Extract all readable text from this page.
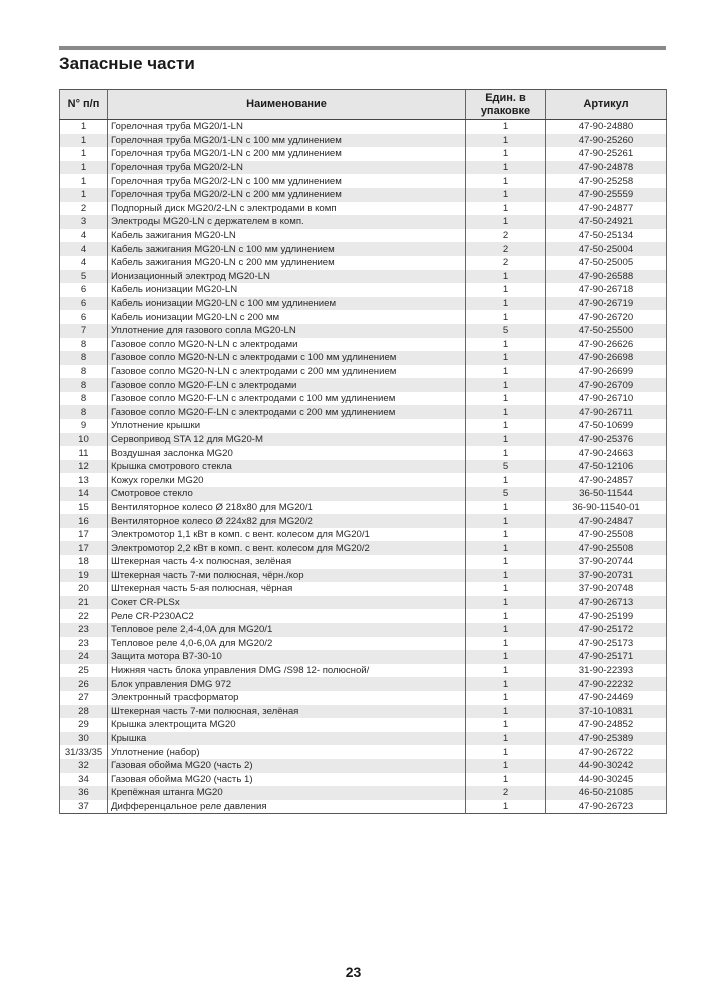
Запасные части
N° п/п	Наименование	Един. в упаковке	Артикул
1	Горелочная труба MG20/1-LN	1	47-90-24880
1	Горелочная труба MG20/1-LN с 100 мм удлинением	1	47-90-25260
1	Горелочная труба MG20/1-LN с 200 мм удлинением	1	47-90-25261
1	Горелочная труба MG20/2-LN	1	47-90-24878
1	Горелочная труба MG20/2-LN с 100 мм удлинением	1	47-90-25258
1	Горелочная труба MG20/2-LN с 200 мм удлинением	1	47-90-25559
2	Подпорный диск MG20/2-LN с электродами в комп	1	47-90-24877
3	Электроды MG20-LN с держателем в комп.	1	47-50-24921
4	Кабель зажигания MG20-LN	2	47-50-25134
4	Кабель зажигания MG20-LN с 100 мм удлинением	2	47-50-25004
4	Кабель зажигания MG20-LN с 200 мм удлинением	2	47-50-25005
5	Ионизационный электрод MG20-LN	1	47-90-26588
6	Кабель ионизации MG20-LN	1	47-90-26718
6	Кабель ионизации MG20-LN с 100 мм удлинением	1	47-90-26719
6	Кабель ионизации MG20-LN с 200 мм	1	47-90-26720
7	Уплотнение для газового сопла MG20-LN	5	47-50-25500
8	Газовое сопло MG20-N-LN с электродами	1	47-90-26626
8	Газовое сопло MG20-N-LN с электродами с 100 мм удлинением	1	47-90-26698
8	Газовое сопло MG20-N-LN с электродами с 200 мм удлинением	1	47-90-26699
8	Газовое сопло MG20-F-LN с электродами	1	47-90-26709
8	Газовое сопло MG20-F-LN с электродами с 100 мм удлинением	1	47-90-26710
8	Газовое сопло MG20-F-LN с электродами с 200 мм удлинением	1	47-90-26711
9	Уплотнение крышки	1	47-50-10699
10	Сервопривод STA 12 для MG20-M	1	47-90-25376
11	Воздушная заслонка MG20	1	47-90-24663
12	Крышка смотрового стекла	5	47-50-12106
13	Кожух горелки MG20	1	47-90-24857
14	Смотровое стекло	5	36-50-11544
15	Вентиляторное колесо Ø 218х80 для MG20/1	1	36-90-11540-01
16	Вентиляторное колесо Ø 224х82 для MG20/2	1	47-90-24847
17	Электромотор 1,1 кВт в комп. с вент. колесом для MG20/1	1	47-90-25508
17	Электромотор 2,2 кВт в комп. с вент. колесом для MG20/2	1	47-90-25508
18	Штекерная часть 4-х полюсная, зелёная	1	37-90-20744
19	Штекерная часть 7-ми полюсная, чёрн./кор	1	37-90-20731
20	Штекерная часть 5-ая полюсная, чёрная	1	37-90-20748
21	Сокет CR-PLSx	1	47-90-26713
22	Реле CR-P230AC2	1	47-90-25199
23	Тепловое реле 2,4-4,0А для MG20/1	1	47-90-25172
23	Тепловое реле 4,0-6,0А для MG20/2	1	47-90-25173
24	Защита мотора B7-30-10	1	47-90-25171
25	Нижняя часть блока управления DMG /S98 12- полюсной/	1	31-90-22393
26	Блок управления DMG 972	1	47-90-22232
27	Электронный трасформатор	1	47-90-24469
28	Штекерная часть 7-ми полюсная, зелёная	1	37-10-10831
29	Крышка электрощита MG20	1	47-90-24852
30	Крышка	1	47-90-25389
31/33/35	Уплотнение (набор)	1	47-90-26722
32	Газовая обойма MG20 (часть 2)	1	44-90-30242
34	Газовая обойма MG20 (часть 1)	1	44-90-30245
36	Крепёжная штанга MG20	2	46-50-21085
37	Дифференцальное реле давления	1	47-90-26723
23
